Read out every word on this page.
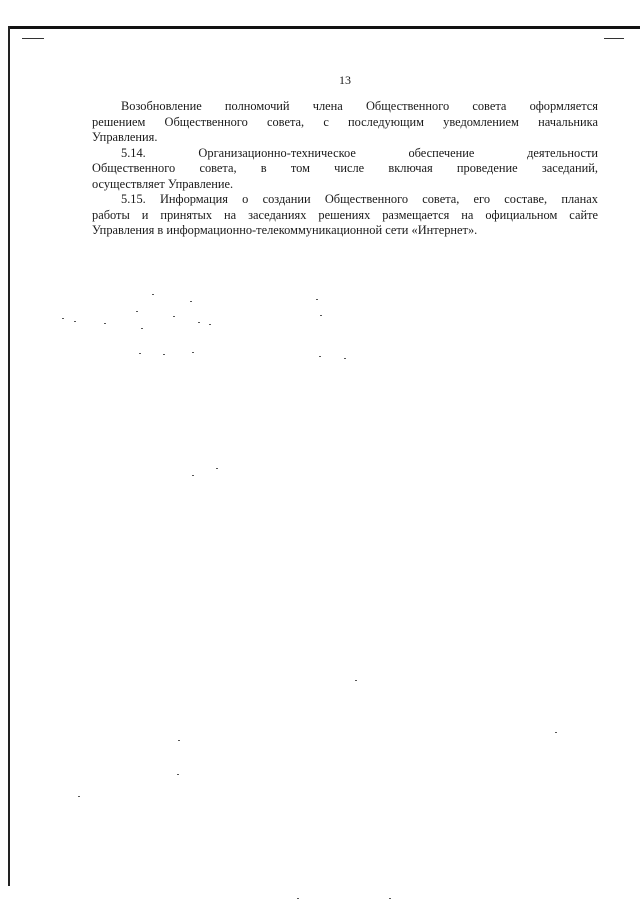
13

Возобновление полномочий члена Общественного совета оформляется
решением Общественного совета, с последующим уведомлением начальника
Управления.

5.14. Организационно-техническое обеспечение деятельности
Общественного совета, в том числе включая проведение заседаний,
осуществляет Управление.

5.15. Информация о создании Общественного совета, его составе, планах
работы и принятых на заседаниях решениях размещается на официальном сайте
Управления в информационно-телекоммуникационной сети «Интернет».
